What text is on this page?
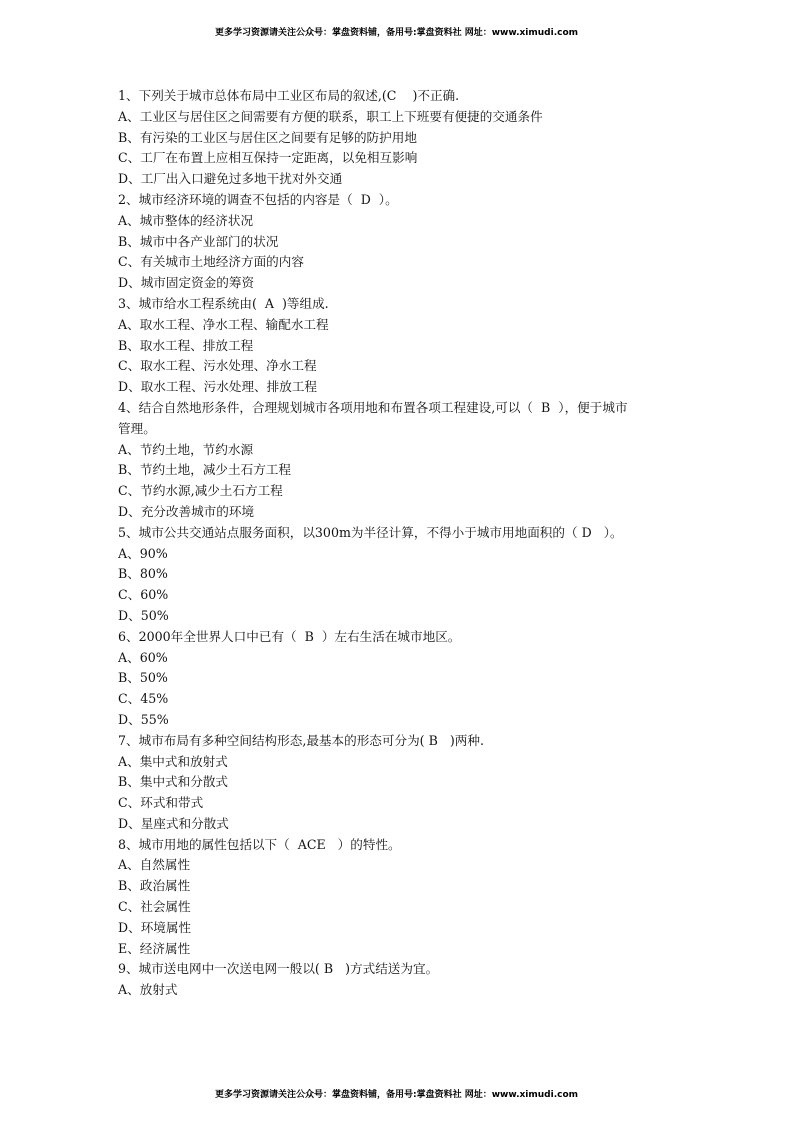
更多学习资源请关注公众号：掌盘资料铺，备用号:掌盘资料社 网址：www.ximudi.com
1、下列关于城市总体布局中工业区布局的叙述,(C    )不正确.
A、工业区与居住区之间需要有方便的联系，职工上下班要有便捷的交通条件
B、有污染的工业区与居住区之间要有足够的防护用地
C、工厂在布置上应相互保持一定距离，以免相互影响
D、工厂出入口避免过多地干扰对外交通
2、城市经济环境的调查不包括的内容是（  D  ）。
A、城市整体的经济状况
B、城市中各产业部门的状况
C、有关城市土地经济方面的内容
D、城市固定资金的筹资
3、城市给水工程系统由(  A  )等组成.
A、取水工程、净水工程、输配水工程
B、取水工程、排放工程
C、取水工程、污水处理、净水工程
D、取水工程、污水处理、排放工程
4、结合自然地形条件，合理规划城市各项用地和布置各项工程建设,可以（  B  ），便于城市
管理。
A、节约土地，节约水源
B、节约土地，减少土石方工程
C、节约水源,减少土石方工程
D、充分改善城市的环境
5、城市公共交通站点服务面积，以300m为半径计算，不得小于城市用地面积的（ D   ）。
A、90%
B、80%
C、60%
D、50%
6、2000年全世界人口中已有（  B  ）左右生活在城市地区。
A、60%
B、50%
C、45%
D、55%
7、城市布局有多种空间结构形态,最基本的形态可分为( B   )两种.
A、集中式和放射式
B、集中式和分散式
C、环式和带式
D、星座式和分散式
8、城市用地的属性包括以下（  ACE   ）的特性。
A、自然属性
B、政治属性
C、社会属性
D、环境属性
E、经济属性
9、城市送电网中一次送电网一般以( B   )方式结送为宜。
A、放射式
更多学习资源请关注公众号：掌盘资料铺，备用号:掌盘资料社 网址：www.ximudi.com
